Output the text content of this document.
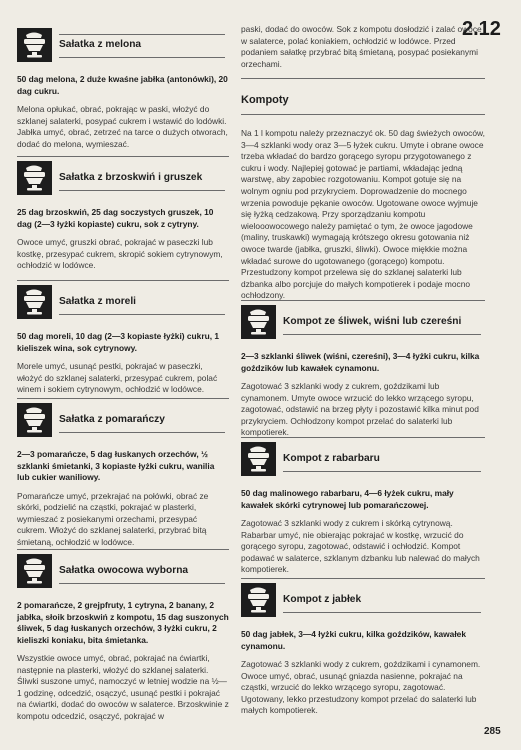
2.12
Sałatka z melona

50 dag melona, 2 duże kwaśne jabłka (antonówki), 20 dag cukru.

Melona opłukać, obrać, pokrając w paski, włożyć do szklanej salaterki, posypać cukrem i wstawić do lodówki. Jabłka umyć, obrać, zetrzeć na tarce o dużych otworach, dodać do melona, wymieszać.

Sałatka z brzoskwiń i gruszek

25 dag brzoskwiń, 25 dag soczystych gruszek, 10 dag (2—3 łyżki kopiaste) cukru, sok z cytryny.

Owoce umyć, gruszki obrać, pokrajać w paseczki lub kostkę, przesypać cukrem, skropić sokiem cytrynowym, ochłodzić w lodówce.

Sałatka z moreli

50 dag moreli, 10 dag (2—3 kopiaste łyżki) cukru, 1 kieliszek wina, sok cytrynowy.

Morele umyć, usunąć pestki, pokrajać w paseczki, włożyć do szklanej salaterki, przesypać cukrem, polać winem i sokiem cytrynowym, ochłodzić w lodówce.

Sałatka z pomarańczy

2—3 pomarańcze, 5 dag łuskanych orzechów, ½ szklanki śmietanki, 3 kopiaste łyżki cukru, wanilia lub cukier waniliowy.

Pomarańcze umyć, przekrajać na połówki, obrać ze skórki, podzielić na cząstki, pokrajać w plasterki, wymieszać z posiekanymi orzechami, przesypać cukrem. Włożyć do szklanej salaterki, przybrać bitą śmietaną, ochłodzić w lodówce.

Sałatka owocowa wyborna

2 pomarańcze, 2 grejpfruty, 1 cytryna, 2 banany, 2 jabłka, słoik brzoskwiń z kompotu, 15 dag suszonych śliwek, 5 dag łuskanych orzechów, 3 łyżki cukru, 2 kieliszki koniaku, bita śmietanka.

Wszystkie owoce umyć, obrać, pokrajać na ćwiartki, następnie na plasterki, włożyć do szklanej salaterki. Śliwki suszone umyć, namoczyć w letniej wodzie na ½—1 godzinę, odcedzić, osączyć, usunąć pestki i pokrajać na ćwiartki, dodać do owoców w salaterce. Brzoskwinie z kompotu odcedzić, osączyć, pokrajać w

paski, dodać do owoców. Sok z kompotu dosłodzić i zalać owoce w salaterce, polać koniakiem, ochłodzić w lodówce. Przed podaniem sałatkę przybrać bitą śmietaną, posypać posiekanymi orzechami.

Kompoty

Na 1 l kompotu należy przeznaczyć ok. 50 dag świeżych owoców, 3—4 szklanki wody oraz 3—5 łyżek cukru. Umyte i obrane owoce trzeba wkładać do bardzo gorącego syropu przygotowanego z cukru i wody. Najlepiej gotować je partiami, wkładając jedną warstwę, aby zapobiec rozgotowaniu. Kompot gotuje się na wolnym ogniu pod przykryciem. Doprowadzenie do mocnego wrzenia powoduje pękanie owoców. Ugotowane owoce wyjmuje się łyżką cedzakową. Przy sporządzaniu kompotu wielooowocowego należy pamiętać o tym, że owoce jagodowe (maliny, truskawki) wymagają krótszego okresu gotowania niż owoce twarde (jabłka, gruszki, śliwki). Owoce miękkie można wkładać surowe do ugotowanego (gorącego) kompotu. Przestudzony kompot przelewa się do szklanej salaterki lub dzbanka albo porcjuje do małych kompotierek i podaje mocno ochłodzony.

Kompot ze śliwek, wiśni lub czereśni

2—3 szklanki śliwek (wiśni, czereśni), 3—4 łyżki cukru, kilka goździków lub kawałek cynamonu.

Zagotować 3 szklanki wody z cukrem, goździkami lub cynamonem. Umyte owoce wrzucić do lekko wrzącego syropu, zagotować, odstawić na brzeg płyty i pozostawić kilka minut pod przykryciem. Ochłodzony kompot przelać do salaterki lub kompotierek.

Kompot z rabarbaru

50 dag malinowego rabarbaru, 4—6 łyżek cukru, mały kawałek skórki cytrynowej lub pomarańczowej.

Zagotować 3 szklanki wody z cukrem i skórką cytrynową. Rabarbar umyć, nie obierając pokrajać w kostkę, wrzucić do gorącego syropu, zagotować, odstawić i ochłodzić. Kompot podawać w salaterce, szklanym dzbanku lub nalewać do małych kompotierek.

Kompot z jabłek

50 dag jabłek, 3—4 łyżki cukru, kilka goździków, kawałek cynamonu.

Zagotować 3 szklanki wody z cukrem, goździkami i cynamonem. Owoce umyć, obrać, usunąć gniazda nasienne, pokrajać na cząstki, wrzucić do lekko wrzącego syropu, zagotować. Ugotowany, lekko przestudzony kompot przelać do salaterki lub małych kompotierek.

285
